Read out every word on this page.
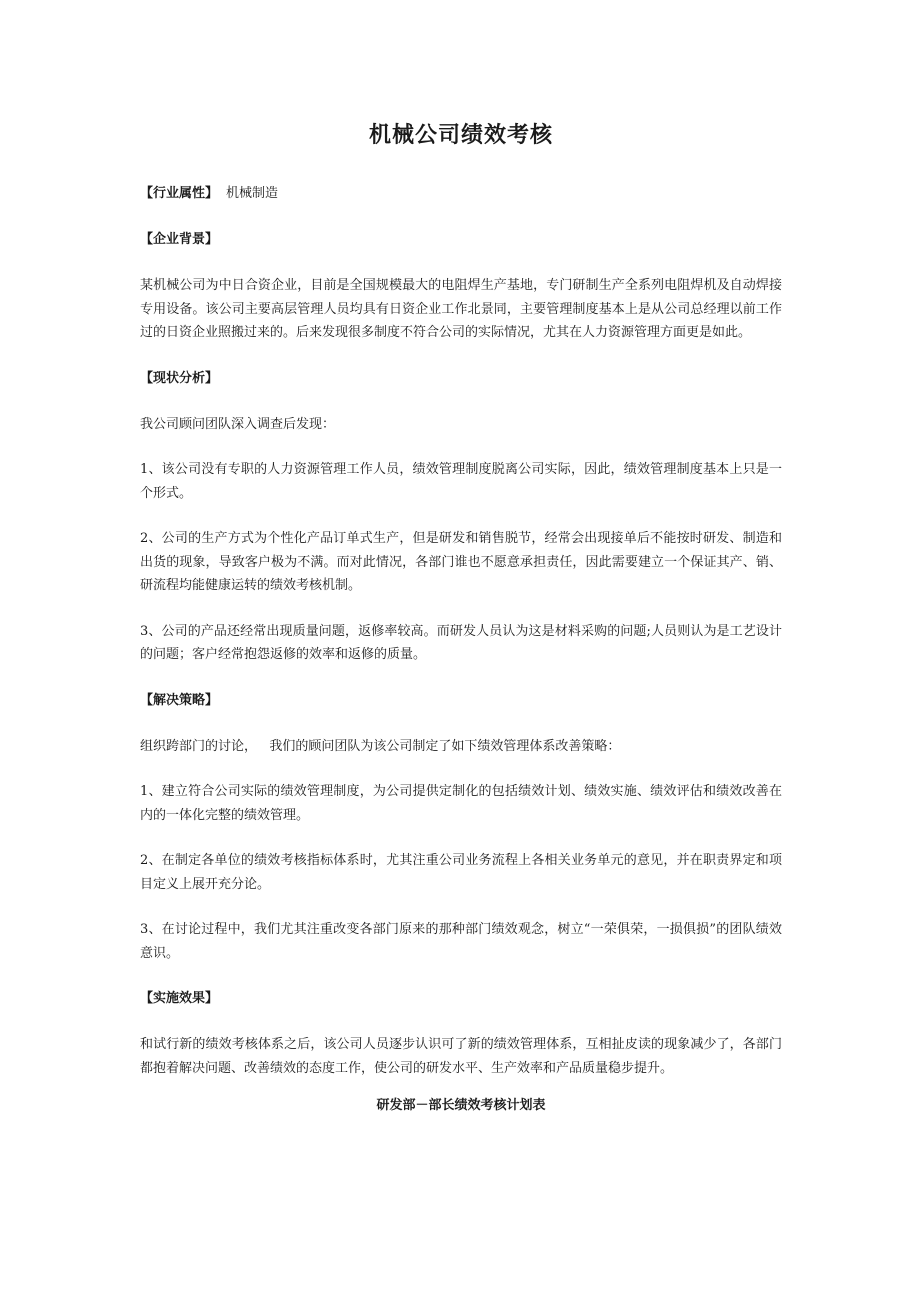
机械公司绩效考核

【行业属性】 机械制造

【企业背景】

某机械公司为中日合资企业，目前是全国规模最大的电阻焊生产基地，专门研制生产全系列电阻焊机及自动焊接专用设备。该公司主要高层管理人员均具有日资企业工作北景同，主要管理制度基本上是从公司总经理以前工作过的日资企业照搬过来的。后来发现很多制度不符合公司的实际情况，尤其在人力资源管理方面更是如此。

【现状分析】

我公司顾问团队深入调查后发现：

1、该公司没有专职的人力资源管理工作人员，绩效管理制度脱离公司实际，因此，绩效管理制度基本上只是一个形式。

2、公司的生产方式为个性化产品订单式生产，但是研发和销售脱节，经常会出现接单后不能按时研发、制造和出货的现象，导致客户极为不满。而对此情况，各部门谁也不愿意承担责任，因此需要建立一个保证其产、销、研流程均能健康运转的绩效考核机制。

3、公司的产品还经常出现质量问题，返修率较高。而研发人员认为这是材料采购的问题;人员则认为是工艺设计的问题；客户经常抱怨返修的效率和返修的质量。

【解决策略】

组织跨部门的讨论，   我们的顾问团队为该公司制定了如下绩效管理体系改善策略：

1、建立符合公司实际的绩效管理制度，为公司提供定制化的包括绩效计划、绩效实施、绩效评估和绩效改善在内的一体化完整的绩效管理。

2、在制定各单位的绩效考核指标体系时，尤其注重公司业务流程上各相关业务单元的意见，并在职责界定和项目定义上展开充分论。

3、在讨论过程中，我们尤其注重改变各部门原来的那种部门绩效观念，树立“一荣俱荣，一损俱损”的团队绩效意识。

【实施效果】

和试行新的绩效考核体系之后，该公司人员逐步认识可了新的绩效管理体系，互相扯皮读的现象减少了，各部门都抱着解决问题、改善绩效的态度工作，使公司的研发水平、生产效率和产品质量稳步提升。

研发部－部长绩效考核计划表
